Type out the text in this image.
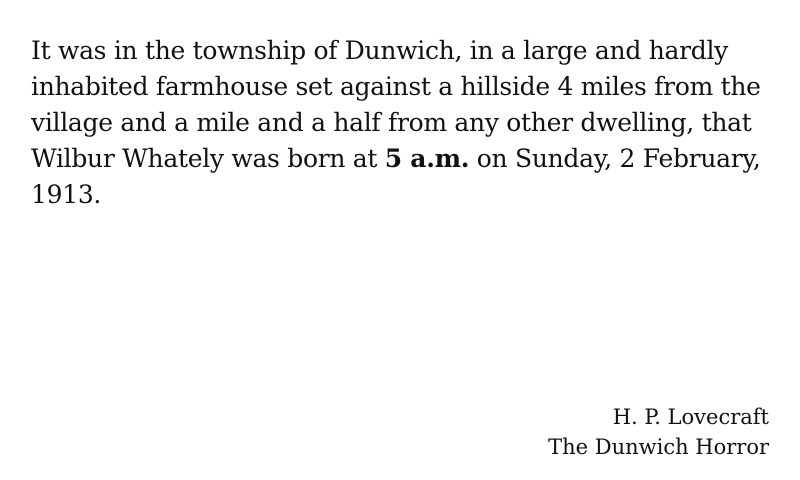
It was in the township of Dunwich, in a large and hardly inhabited farmhouse set against a hillside 4 miles from the village and a mile and a half from any other dwelling, that Wilbur Whately was born at 5 a.m. on Sunday, 2 February, 1913.

H. P. Lovecraft
The Dunwich Horror
